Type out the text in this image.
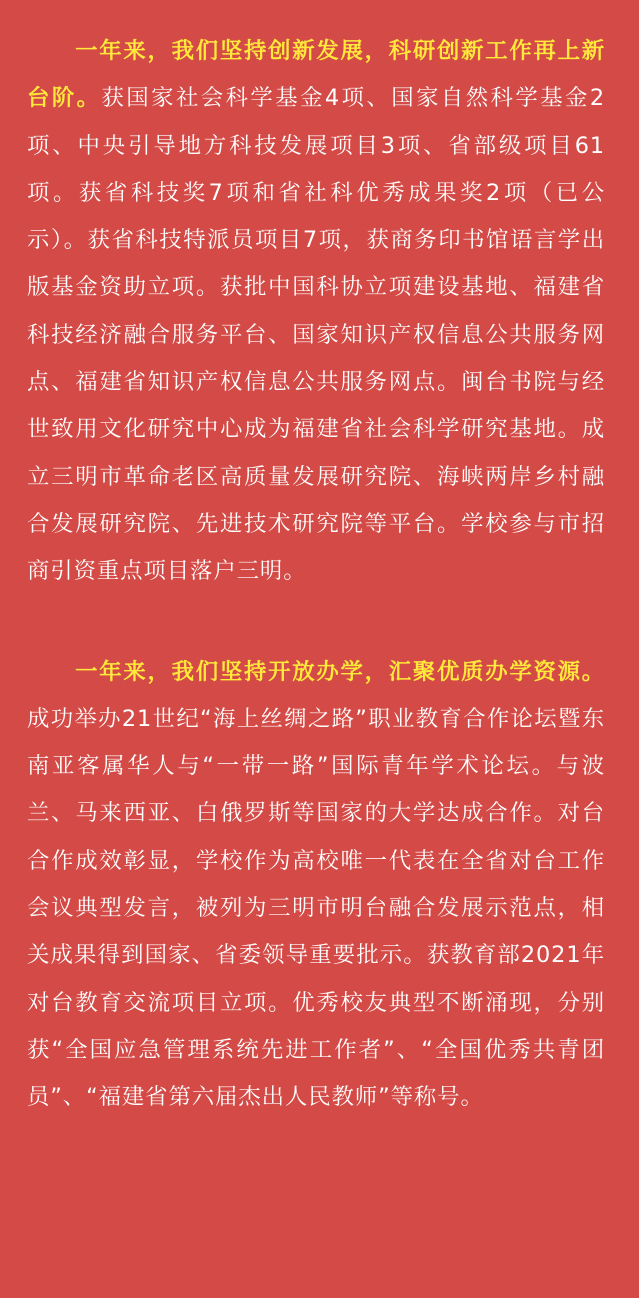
一年来，我们坚持创新发展，科研创新工作再上新台阶。获国家社会科学基金4项、国家自然科学基金2项、中央引导地方科技发展项目3项、省部级项目61项。获省科技奖7项和省社科优秀成果奖2项（已公示）。获省科技特派员项目7项，获商务印书馆语言学出版基金资助立项。获批中国科协立项建设基地、福建省科技经济融合服务平台、国家知识产权信息公共服务网点、福建省知识产权信息公共服务网点。闽台书院与经世致用文化研究中心成为福建省社会科学研究基地。成立三明市革命老区高质量发展研究院、海峡两岸乡村融合发展研究院、先进技术研究院等平台。学校参与市招商引资重点项目落户三明。

一年来，我们坚持开放办学，汇聚优质办学资源。成功举办21世纪“海上丝绸之路”职业教育合作论坛暨东南亚客属华人与“一带一路”国际青年学术论坛。与波兰、马来西亚、白俄罗斯等国家的大学达成合作。对台合作成效彰显，学校作为高校唯一代表在全省对台工作会议典型发言，被列为三明市明台融合发展示范点，相关成果得到国家、省委领导重要批示。获教育部2021年对台教育交流项目立项。优秀校友典型不断涌现，分别获“全国应急管理系统先进工作者”、“全国优秀共青团员”、“福建省第六届杰出人民教师”等称号。
